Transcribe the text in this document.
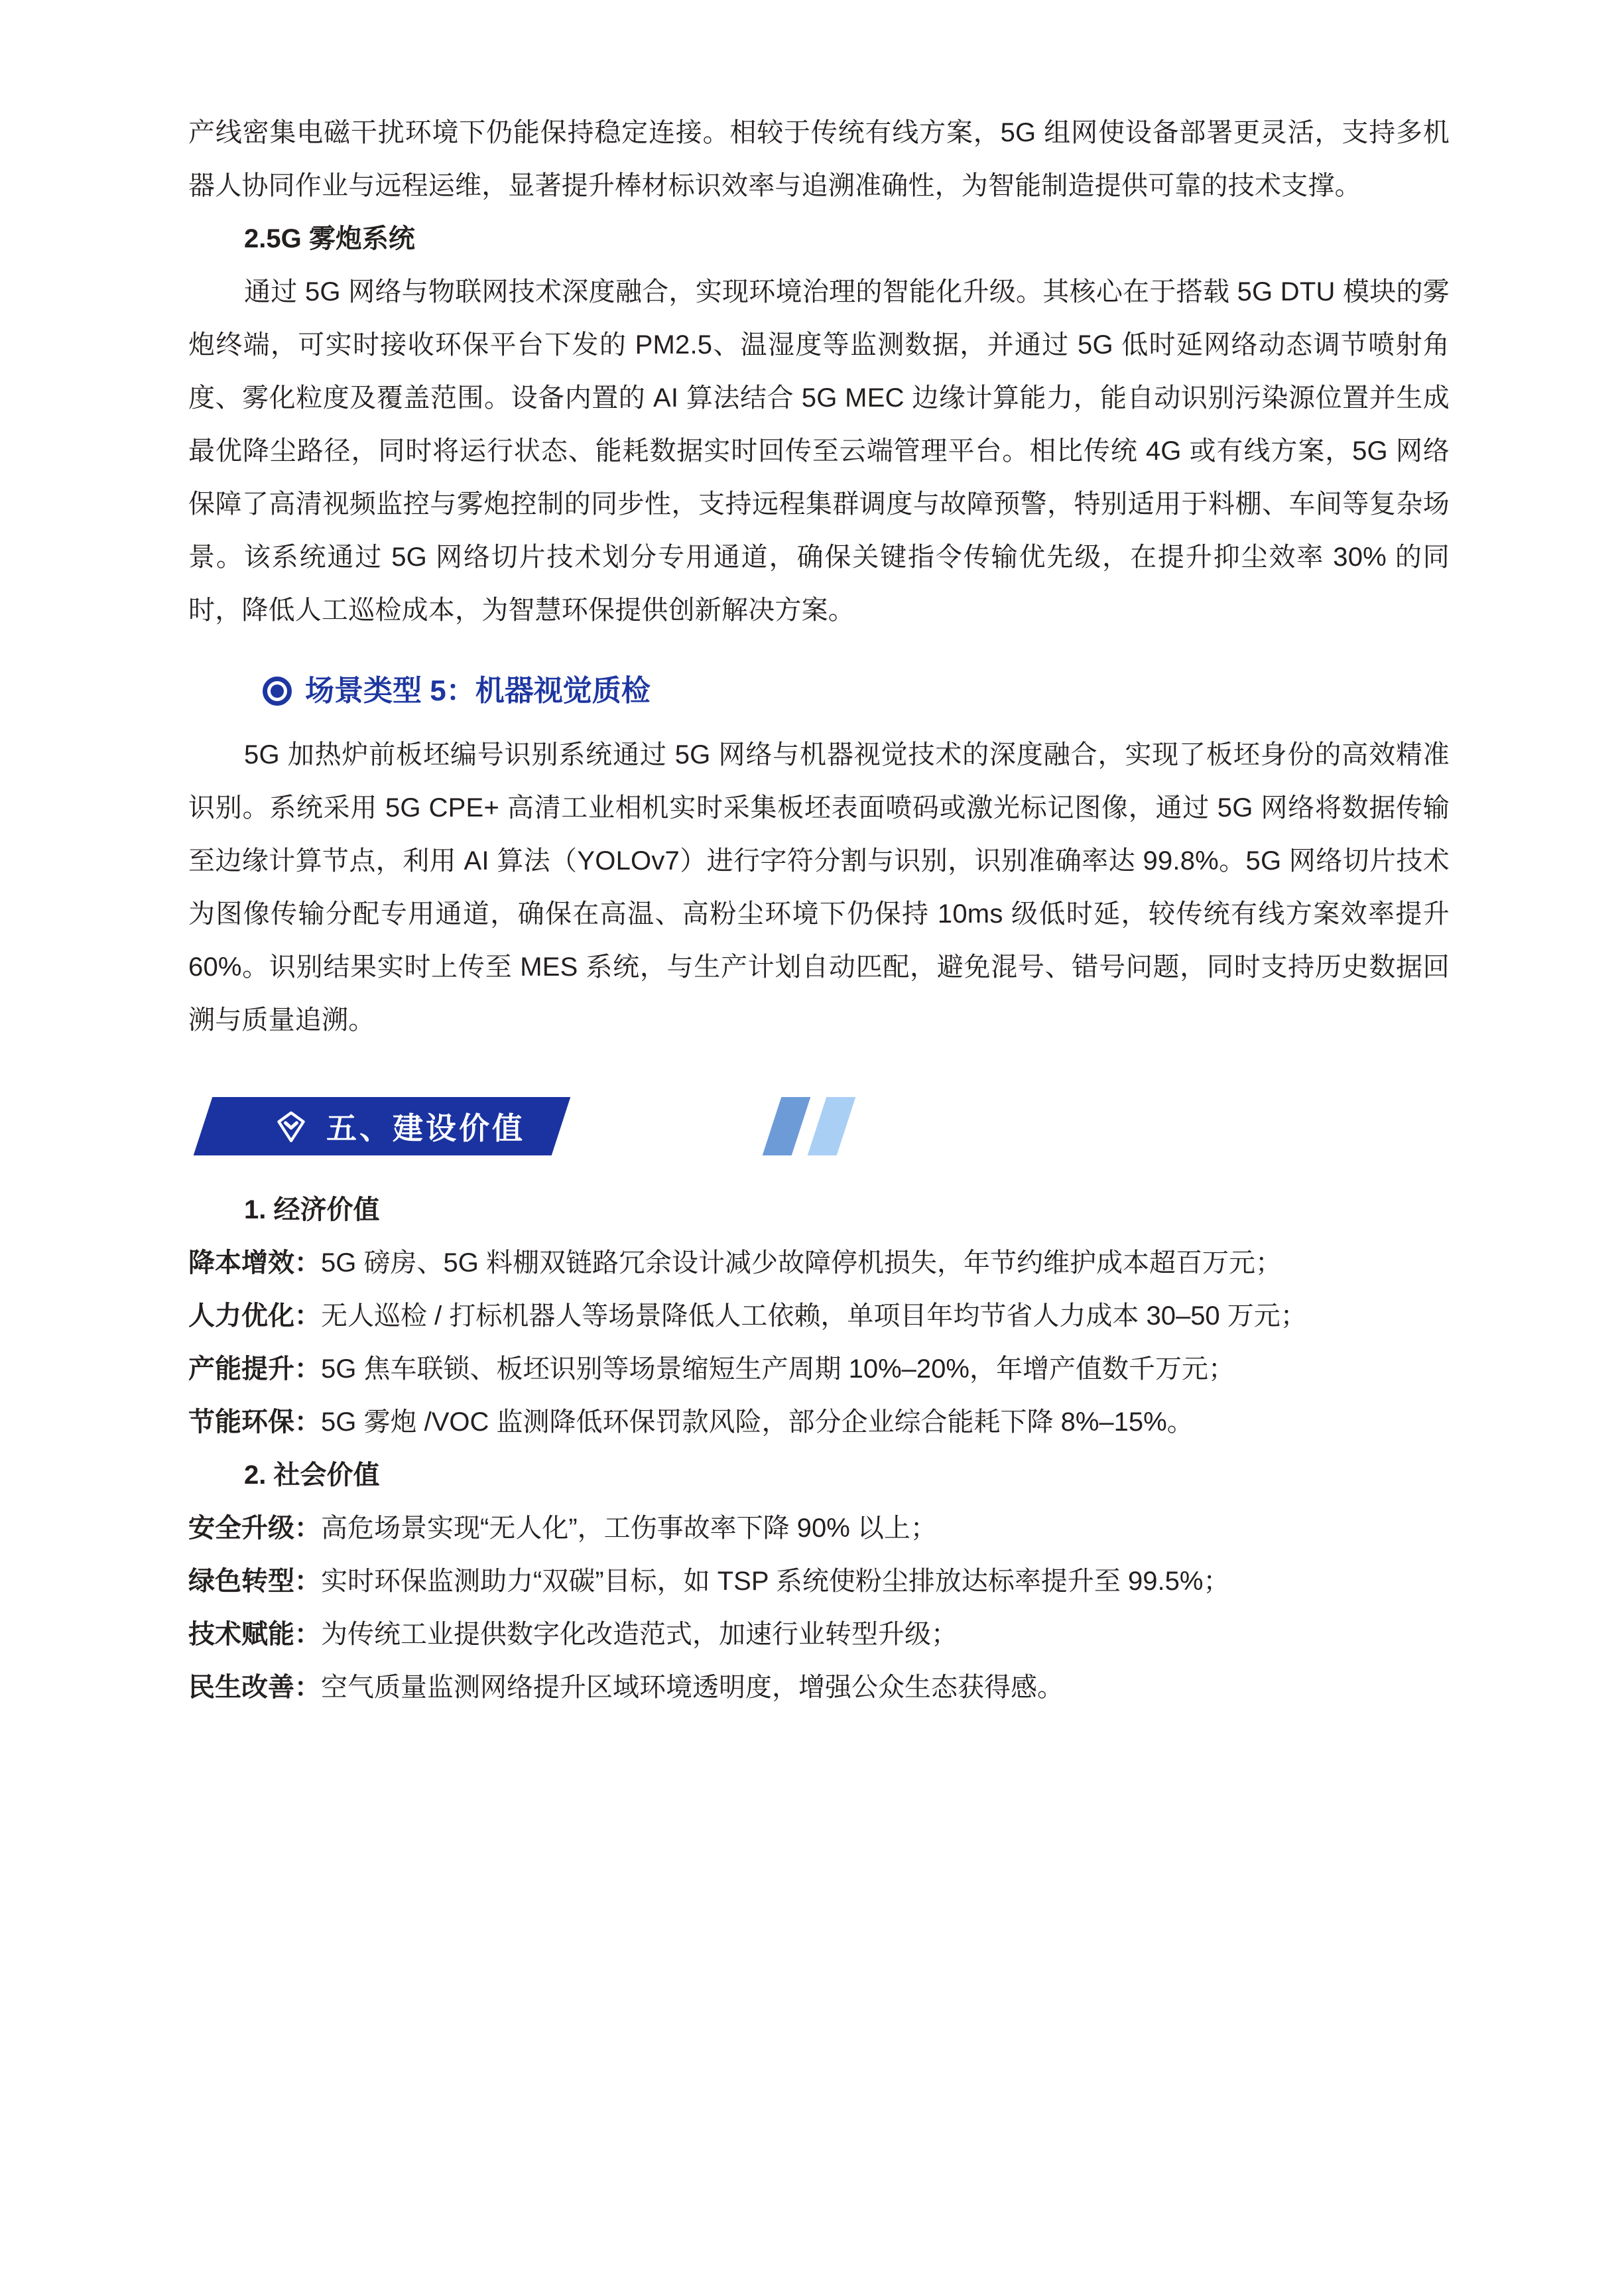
产线密集电磁干扰环境下仍能保持稳定连接。相较于传统有线方案，5G 组网使设备部署更灵活，支持多机器人协同作业与远程运维，显著提升棒材标识效率与追溯准确性，为智能制造提供可靠的技术支撑。

2.5G 雾炮系统

通过 5G 网络与物联网技术深度融合，实现环境治理的智能化升级。其核心在于搭载 5G DTU 模块的雾炮终端，可实时接收环保平台下发的 PM2.5、温湿度等监测数据，并通过 5G 低时延网络动态调节喷射角度、雾化粒度及覆盖范围。设备内置的 AI 算法结合 5G MEC 边缘计算能力，能自动识别污染源位置并生成最优降尘路径，同时将运行状态、能耗数据实时回传至云端管理平台。相比传统 4G 或有线方案，5G 网络保障了高清视频监控与雾炮控制的同步性，支持远程集群调度与故障预警，特别适用于料棚、车间等复杂场景。该系统通过 5G 网络切片技术划分专用通道，确保关键指令传输优先级，在提升抑尘效率 30% 的同时，降低人工巡检成本，为智慧环保提供创新解决方案。

场景类型 5：机器视觉质检

5G 加热炉前板坯编号识别系统通过 5G 网络与机器视觉技术的深度融合，实现了板坯身份的高效精准识别。系统采用 5G CPE+ 高清工业相机实时采集板坯表面喷码或激光标记图像，通过 5G 网络将数据传输至边缘计算节点，利用 AI 算法（YOLOv7）进行字符分割与识别，识别准确率达 99.8%。5G 网络切片技术为图像传输分配专用通道，确保在高温、高粉尘环境下仍保持 10ms 级低时延，较传统有线方案效率提升 60%。识别结果实时上传至 MES 系统，与生产计划自动匹配，避免混号、错号问题，同时支持历史数据回溯与质量追溯。

五、建设价值
1. 经济价值

降本增效：5G 磅房、5G 料棚双链路冗余设计减少故障停机损失，年节约维护成本超百万元；

人力优化：无人巡检 / 打标机器人等场景降低人工依赖，单项目年均节省人力成本 30–50 万元；

产能提升：5G 焦车联锁、板坯识别等场景缩短生产周期 10%–20%，年增产值数千万元；

节能环保：5G 雾炮 /VOC 监测降低环保罚款风险，部分企业综合能耗下降 8%–15%。

2. 社会价值

安全升级：高危场景实现“无人化”，工伤事故率下降 90% 以上；

绿色转型：实时环保监测助力“双碳”目标，如 TSP 系统使粉尘排放达标率提升至 99.5%；

技术赋能：为传统工业提供数字化改造范式，加速行业转型升级；

民生改善：空气质量监测网络提升区域环境透明度，增强公众生态获得感。
